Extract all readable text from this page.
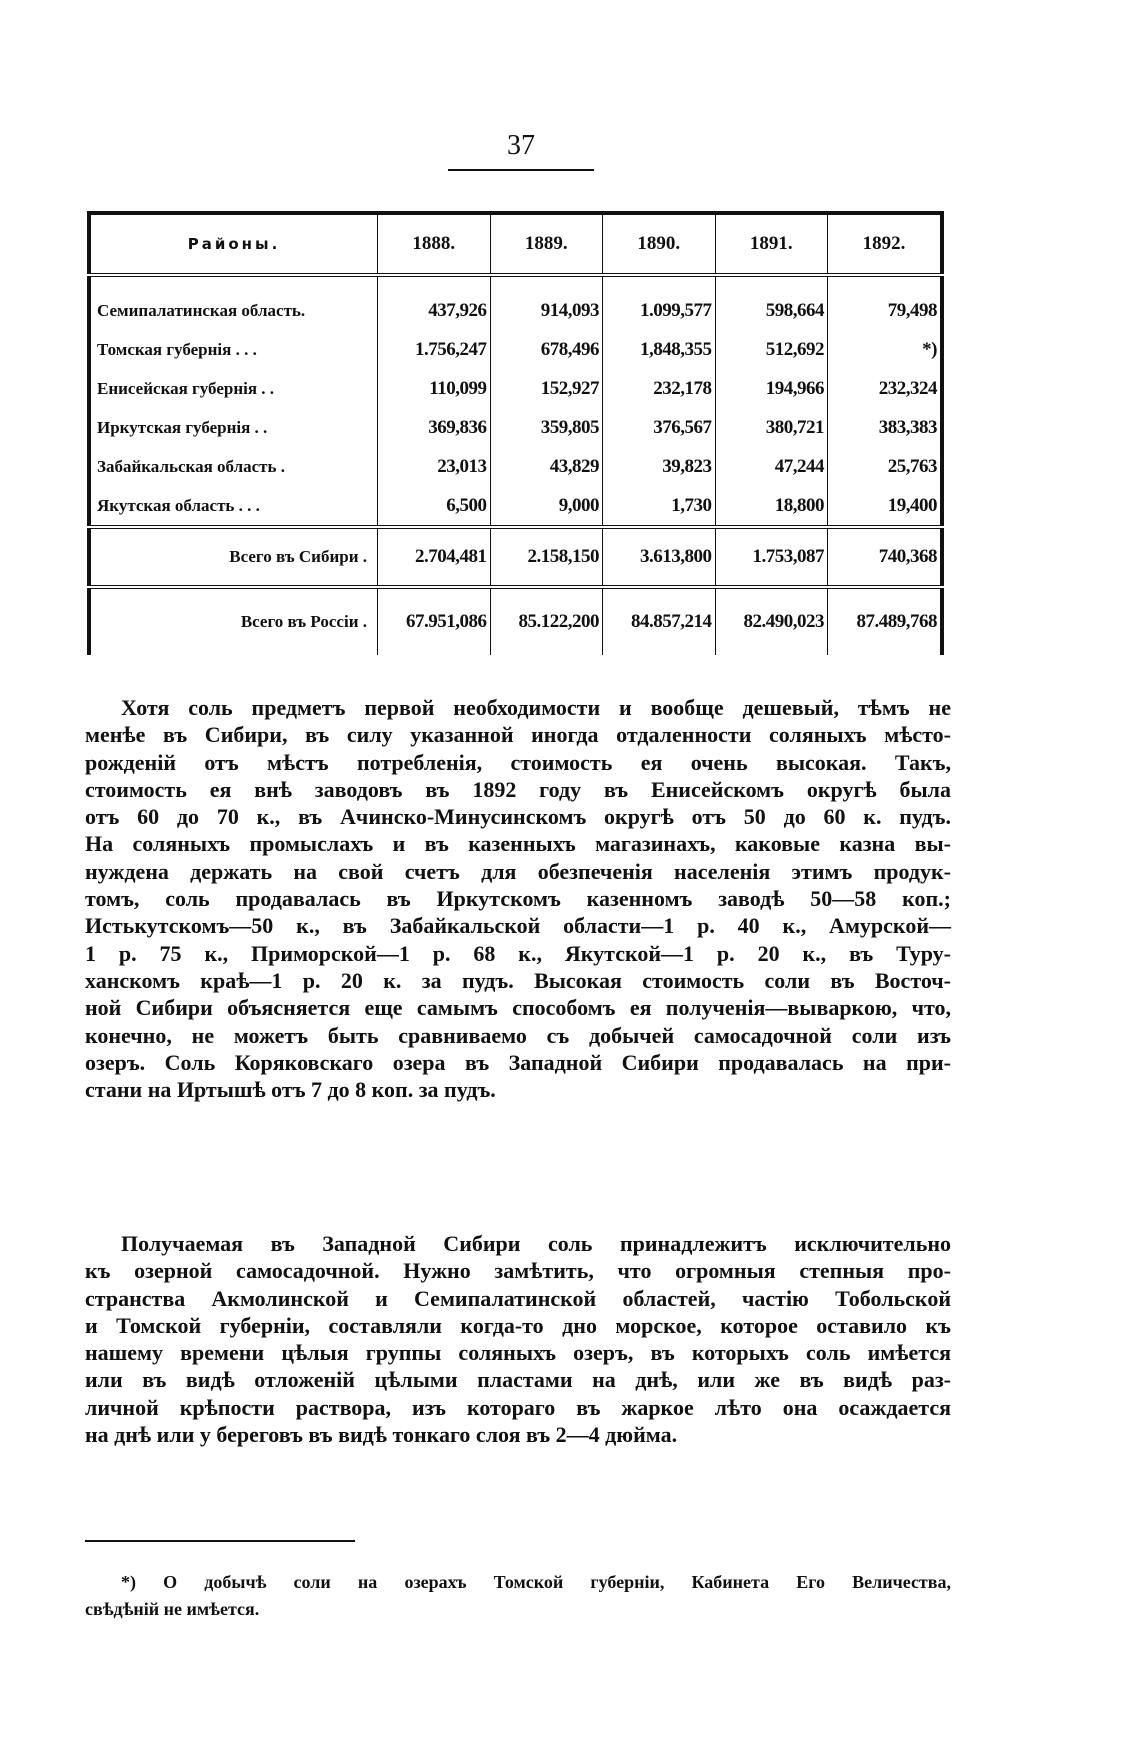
37
Районы.	1888.	1889.	1890.	1891.	1892.
Семипалатинская область.	437,926	914,093	1.099,577	598,664	79,498
Томская губернія . . .	1.756,247	678,496	1,848,355	512,692	*)
Енисейская губернія . .	110,099	152,927	232,178	194,966	232,324
Иркутская губернія . .	369,836	359,805	376,567	380,721	383,383
Забайкальская область .	23,013	43,829	39,823	47,244	25,763
Якутская область . . .	6,500	9,000	1,730	18,800	19,400
Всего въ Сибири .	2.704,481	2.158,150	3.613,800	1.753,087	740,368
Всего въ Россіи .	67.951,086	85.122,200	84.857,214	82.490,023	87.489,768
Хотя соль предметъ первой необходимости и вообще дешевый, тѣмъ не
менѣе въ Сибири, въ силу указанной иногда отдаленности соляныхъ мѣсто-
рожденій отъ мѣстъ потребленія, стоимость ея очень высокая. Такъ,
стоимость ея внѣ заводовъ въ 1892 году въ Енисейскомъ округѣ была
отъ 60 до 70 к., въ Ачинско-Минусинскомъ округѣ отъ 50 до 60 к. пудъ.
На соляныхъ промыслахъ и въ казенныхъ магазинахъ, каковые казна вы-
нуждена держать на свой счетъ для обезпеченія населенія этимъ продук-
томъ, соль продавалась въ Иркутскомъ казенномъ заводѣ 50—58 коп.;
Истькутскомъ—50 к., въ Забайкальской области—1 р. 40 к., Амурской—
1 р. 75 к., Приморской—1 р. 68 к., Якутской—1 р. 20 к., въ Туру-
ханскомъ краѣ—1 р. 20 к. за пудъ. Высокая стоимость соли въ Восточ-
ной Сибири объясняется еще самымъ способомъ ея полученія—вываркою, что,
конечно, не можетъ быть сравниваемо съ добычей самосадочной соли изъ
озеръ. Соль Коряковскаго озера въ Западной Сибири продавалась на при-
стани на Иртышѣ отъ 7 до 8 коп. за пудъ.
Получаемая въ Западной Сибири соль принадлежитъ исключительно
къ озерной самосадочной. Нужно замѣтить, что огромныя степныя про-
странства Акмолинской и Семипалатинской областей, частію Тобольской
и Томской губерніи, составляли когда-то дно морское, которое оставило къ
нашему времени цѣлыя группы соляныхъ озеръ, въ которыхъ соль имѣется
или въ видѣ отложеній цѣлыми пластами на днѣ, или же въ видѣ раз-
личной крѣпости раствора, изъ котораго въ жаркое лѣто она осаждается
на днѣ или у береговъ въ видѣ тонкаго слоя въ 2—4 дюйма.
*) О добычѣ соли на озерахъ Томской губерніи, Кабинета Его Величества,
свѣдѣній не имѣется.
